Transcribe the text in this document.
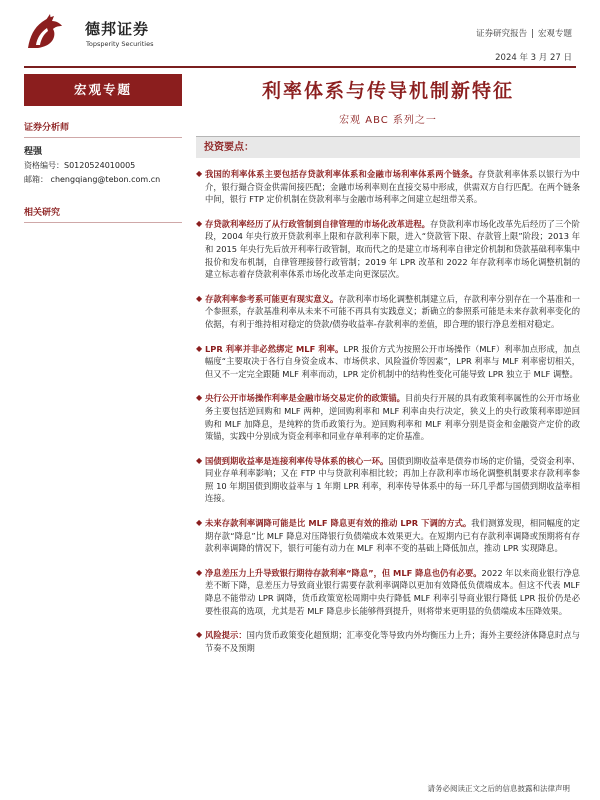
德邦证券
Topsperity Securities
证券研究报告 | 宏观专题
2024 年 3 月 27 日
宏观专题
证券分析师
程强
资格编号：S0120524010005
邮箱： chengqiang@tebon.com.cn
相关研究
利率体系与传导机制新特征
宏观 ABC 系列之一
投资要点：
◆ 我国的利率体系主要包括存贷款利率体系和金融市场利率体系两个链条。存贷款利率体系以银行为中介，银行撮合资金供需间接匹配；金融市场利率则在直接交易中形成，供需双方自行匹配。在两个链条中间，银行 FTP 定价机制在贷款利率与金融市场利率之间建立起纽带关系。
◆ 存贷款利率经历了从行政管制到自律管理的市场化改革进程。存贷款利率市场化改革先后经历了三个阶段，2004 年央行放开贷款利率上限和存款利率下限，进入“贷款管下限、存款管上限”阶段；2013 年和 2015 年央行先后放开利率行政管制，取而代之的是建立市场利率自律定价机制和贷款基础利率集中报价和发布机制，自律管理接替行政管制；2019 年 LPR 改革和 2022 年存款利率市场化调整机制的建立标志着存贷款利率体系市场化改革走向更深层次。
◆ 存款利率参考系可能更有现实意义。存款利率市场化调整机制建立后，存款利率分别存在一个基准和一个参照系，存款基准利率从未来不可能不再具有实践意义；新确立的参照系可能是未来存款利率变化的依据，有利于维持相对稳定的贷款/债券收益率-存款利率的差值，即合理的银行净息差相对稳定。
◆ LPR 利率并非必然绑定 MLF 利率。LPR 报价方式为按照公开市场操作（MLF）利率加点形成，加点幅度“主要取决于各行自身资金成本、市场供求、风险溢价等因素”，LPR 利率与 MLF 利率密切相关，但又不一定完全跟随 MLF 利率而动，LPR 定价机制中的结构性变化可能导致 LPR 独立于 MLF 调整。
◆ 央行公开市场操作利率是金融市场交易定价的政策锚。目前央行开展的具有政策利率属性的公开市场业务主要包括逆回购和 MLF 两种，逆回购利率和 MLF 利率由央行决定，狭义上的央行政策利率即逆回购和 MLF 加降息，是纯粹的货币政策行为。逆回购利率和 MLF 利率分别是资金和金融资产定价的政策锚，实践中分别成为资金利率和同业存单利率的定价基准。
◆ 国债到期收益率是连接利率传导体系的核心一环。国债到期收益率是债券市场的定价锚，受资金利率、同业存单利率影响；又在 FTP 中与贷款利率相比较；再加上存款利率市场化调整机制要求存款利率参照 10 年期国债到期收益率与 1 年期 LPR 利率，利率传导体系中的每一环几乎都与国债到期收益率相连接。
◆ 未来存款利率调降可能是比 MLF 降息更有效的推动 LPR 下调的方式。我们测算发现，相同幅度的定期存款“降息”比 MLF 降息对压降银行负债端成本效果更大。在短期内已有存款利率调降或预期将有存款利率调降的情况下，银行可能有动力在 MLF 利率不变的基础上降低加点，推动 LPR 实现降息。
◆ 净息差压力上升导致银行期待存款利率“降息”，但 MLF 降息也仍有必要。2022 年以来商业银行净息差不断下降，息差压力导致商业银行需要存款利率调降以更加有效降低负债端成本。但这不代表 MLF 降息不能带动 LPR 调降，货币政策宽松周期中央行降低 MLF 利率引导商业银行降低 LPR 报价仍是必要性很高的选项，尤其是若 MLF 降息步长能够得到提升，则将带来更明显的负债端成本压降效果。
◆ 风险提示：国内货币政策变化超预期；汇率变化等导致内外均衡压力上升；海外主要经济体降息时点与节奏不及预期
请务必阅读正文之后的信息披露和法律声明
